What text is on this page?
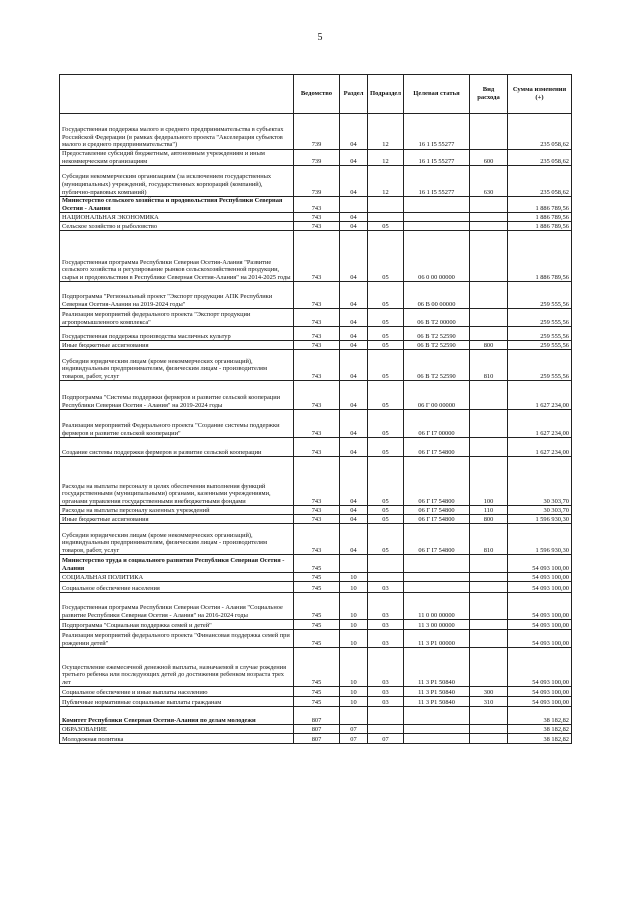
5
	Ведомство	Раздел	Подраздел	Целевая статья	Вид расхода	Сумма изменения (+)
Государственная поддержка малого и среднего предпринимательства в субъектах Российской Федерации (в рамках федерального проекта "Акселерация субъектов малого и среднего предпринимательства")	739	04	12	16 1 I5 55277		235 058,62
Предоставление субсидий бюджетным, автономным учреждениям и иным некоммерческим организациям	739	04	12	16 1 I5 55277	600	235 058,62
Субсидии некоммерческим организациям (за исключением государственных (муниципальных) учреждений, государственных корпораций (компаний), публично-правовых компаний)	739	04	12	16 1 I5 55277	630	235 058,62
Министерство сельского хозяйства и продовольствия Республики Северная Осетия - Алания	743					1 886 789,56
НАЦИОНАЛЬНАЯ ЭКОНОМИКА	743	04				1 886 789,56
Сельское хозяйство и рыболовство	743	04	05			1 886 789,56
Государственная программа Республики Северная Осетия-Алания "Развитие сельского хозяйства и регулирование рынков сельскохозяйственной продукции, сырья и продовольствия в Республике Северная Осетия-Алания" на 2014-2025 годы	743	04	05	06 0 00 00000		1 886 789,56
Подпрограмма "Региональный проект "Экспорт продукции АПК Республики Северная Осетия-Алания на 2019-2024 годы"	743	04	05	06 В 00 00000		259 555,56
Реализация мероприятий федерального проекта "Экспорт продукции агропромышленного комплекса"	743	04	05	06 В Т2 00000		259 555,56
Государственная поддержка производства масличных культур	743	04	05	06 В Т2 52590		259 555,56
Иные бюджетные ассигнования	743	04	05	06 В Т2 52590	800	259 555,56
Субсидии юридическим лицам (кроме некоммерческих организаций), индивидуальным предпринимателям, физическим лицам - производителям товаров, работ, услуг	743	04	05	06 В Т2 52590	810	259 555,56
Подпрограмма "Системы поддержки фермеров и развитие сельской кооперации Республики Северная Осетия - Алания" на 2019-2024 годы	743	04	05	06 Г 00 00000		1 627 234,00
Реализация мероприятий Федерального проекта "Создание системы поддержки фермеров и развитие сельской кооперации"	743	04	05	06 Г I7 00000		1 627 234,00
Создание системы поддержки фермеров и развитие сельской кооперации	743	04	05	06 Г I7 54800		1 627 234,00
Расходы на выплаты персоналу в целях обеспечения выполнения функций государственными (муниципальными) органами, казенными учреждениями, органами управления государственными внебюджетными фондами	743	04	05	06 Г I7 54800	100	30 303,70
Расходы на выплаты персоналу казенных учреждений	743	04	05	06 Г I7 54800	110	30 303,70
Иные бюджетные ассигнования	743	04	05	06 Г I7 54800	800	1 596 930,30
Субсидии юридическим лицам (кроме некоммерческих организаций), индивидуальным предпринимателям, физическим лицам - производителям товаров, работ, услуг	743	04	05	06 Г I7 54800	810	1 596 930,30
Министерство труда и социального развития Республики Северная Осетия - Алания	745					54 093 100,00
СОЦИАЛЬНАЯ ПОЛИТИКА	745	10				54 093 100,00
Социальное обеспечение населения	745	10	03			54 093 100,00
Государственная программа Республики Северная Осетия - Алания "Социальное развитие Республики Северная Осетия - Алания" на 2016-2024 годы	745	10	03	11 0 00 00000		54 093 100,00
Подпрограмма "Социальная поддержка семей и детей"	745	10	03	11 3 00 00000		54 093 100,00
Реализация мероприятий федерального проекта "Финансовая поддержка семей при рождении детей"	745	10	03	11 3 P1 00000		54 093 100,00
Осуществление ежемесячной денежной выплаты, назначаемой в случае рождения третьего ребенка или последующих детей до достижения ребенком возраста трех лет	745	10	03	11 3 P1 50840		54 093 100,00
Социальное обеспечение и иные выплаты населению	745	10	03	11 3 P1 50840	300	54 093 100,00
Публичные нормативные социальные выплаты гражданам	745	10	03	11 3 P1 50840	310	54 093 100,00
Комитет Республики Северная Осетия-Алания по делам молодежи	807					38 182,82
ОБРАЗОВАНИЕ	807	07				38 182,82
Молодежная политика	807	07	07			38 182,82
